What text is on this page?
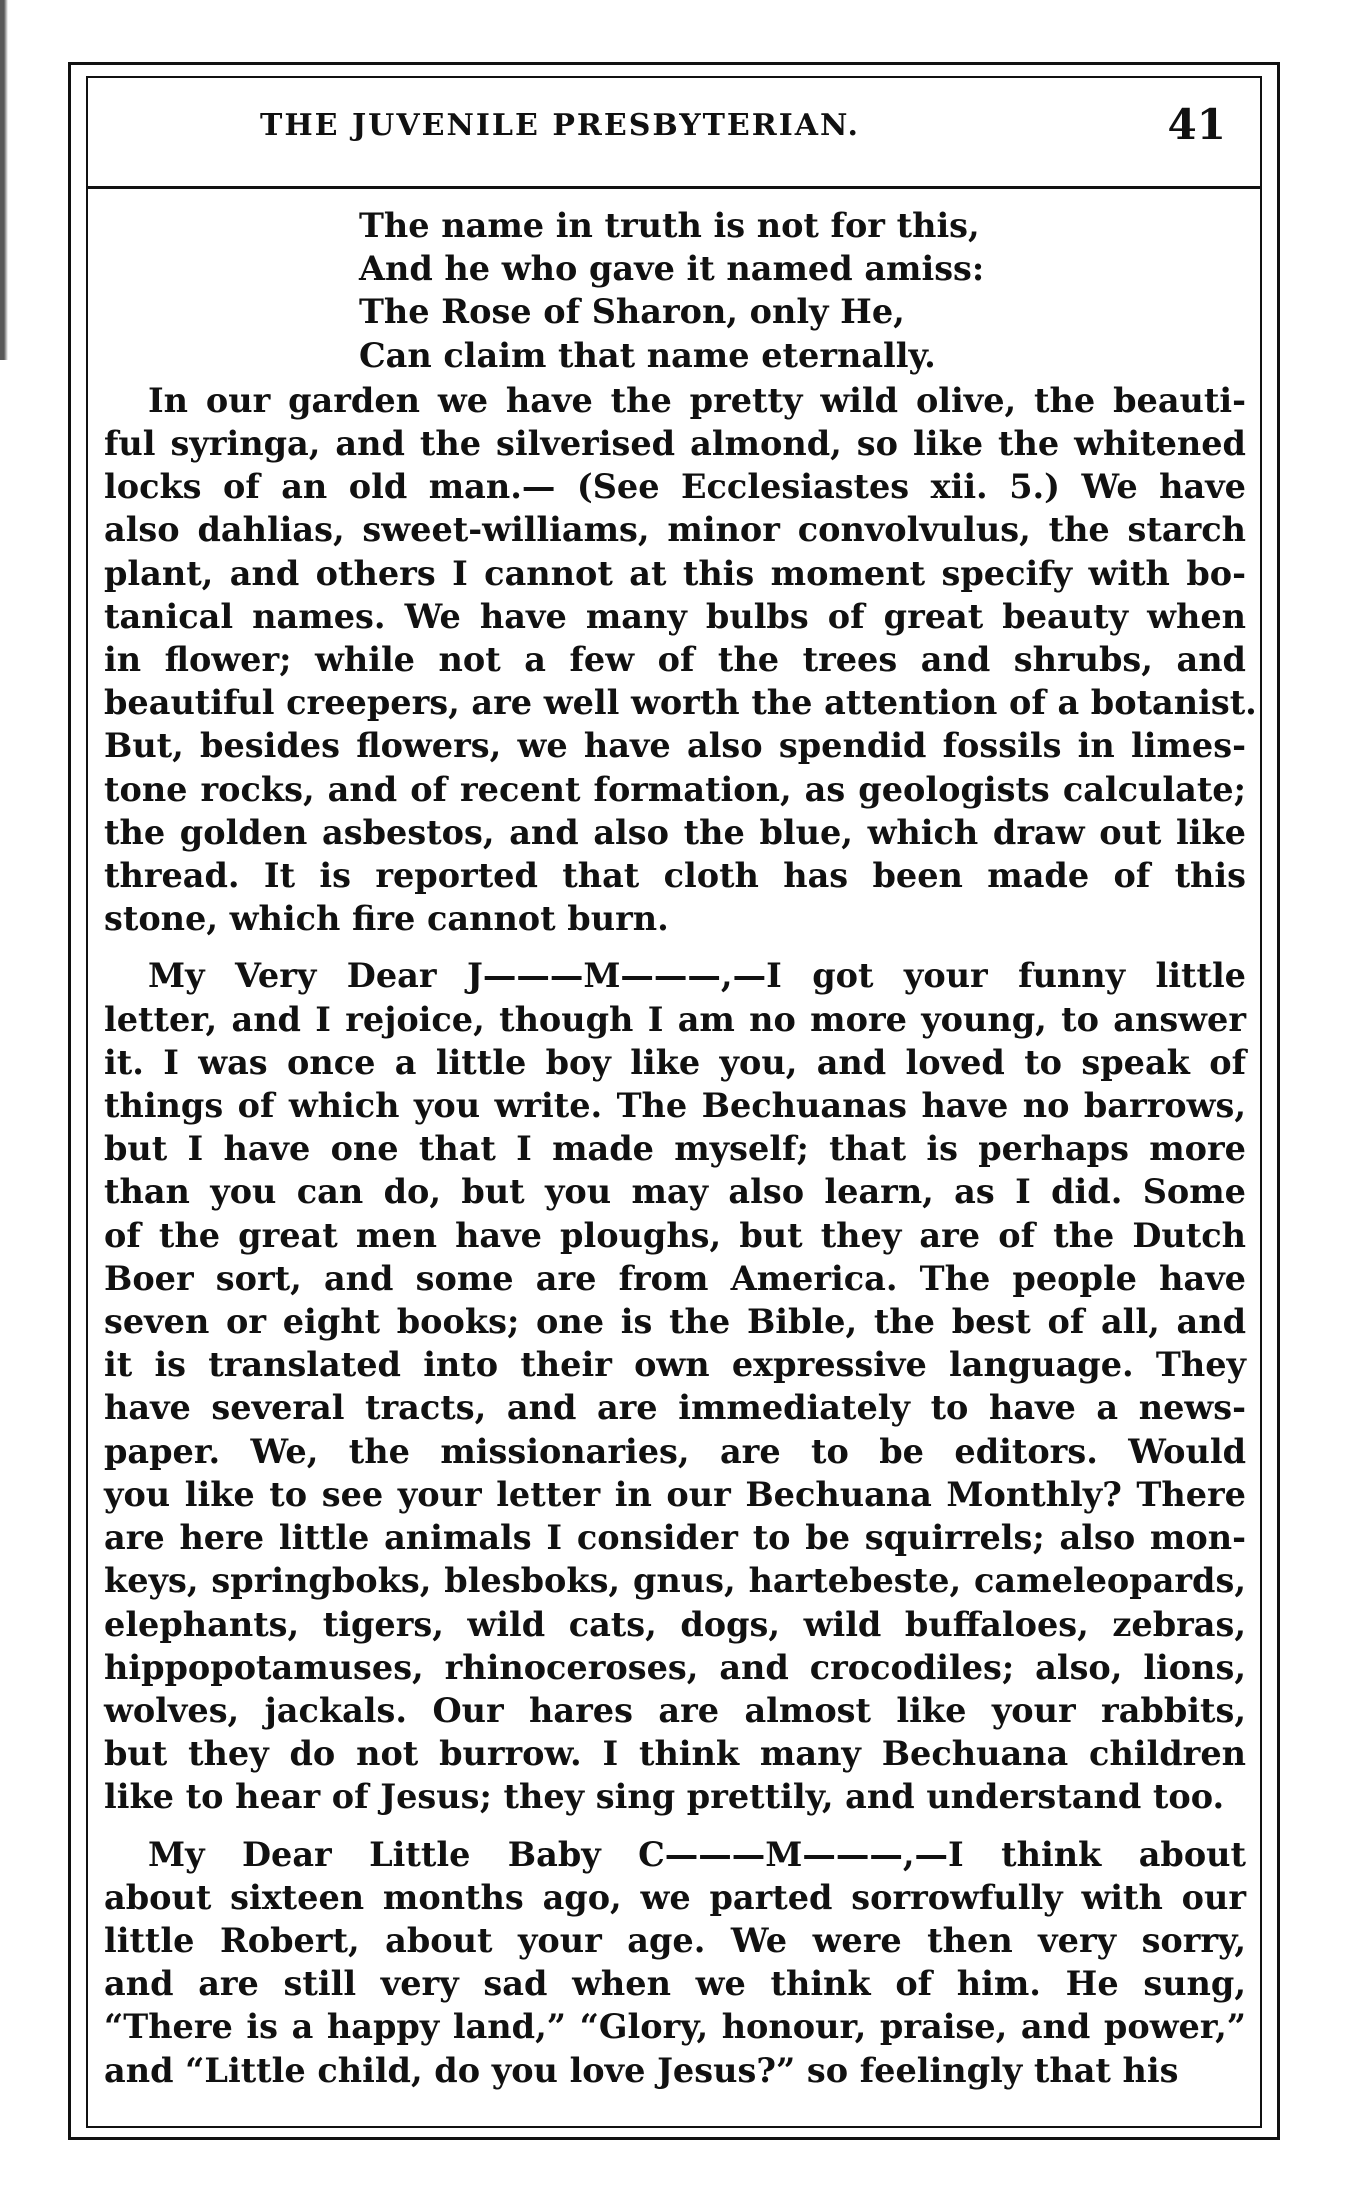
THE JUVENILE PRESBYTERIAN.	41
The name in truth is not for this,
And he who gave it named amiss:
The Rose of Sharon, only He,
Can claim that name eternally.
In our garden we have the pretty wild olive, the beauti-
ful syringa, and the silverised almond, so like the whitened
locks of an old man.— (See Ecclesiastes xii. 5.) We have
also dahlias, sweet-williams, minor convolvulus, the starch
plant, and others I cannot at this moment specify with bo-
tanical names. We have many bulbs of great beauty when
in flower; while not a few of the trees and shrubs, and
beautiful creepers, are well worth the attention of a botanist.
But, besides flowers, we have also spendid fossils in limes-
tone rocks, and of recent formation, as geologists calculate;
the golden asbestos, and also the blue, which draw out like
thread. It is reported that cloth has been made of this
stone, which fire cannot burn.
My Very Dear J———M———,—I got your funny little
letter, and I rejoice, though I am no more young, to answer
it. I was once a little boy like you, and loved to speak of
things of which you write. The Bechuanas have no barrows,
but I have one that I made myself; that is perhaps more
than you can do, but you may also learn, as I did. Some
of the great men have ploughs, but they are of the Dutch
Boer sort, and some are from America. The people have
seven or eight books; one is the Bible, the best of all, and
it is translated into their own expressive language. They
have several tracts, and are immediately to have a news-
paper. We, the missionaries, are to be editors. Would
you like to see your letter in our Bechuana Monthly? There
are here little animals I consider to be squirrels; also mon-
keys, springboks, blesboks, gnus, hartebeste, cameleopards,
elephants, tigers, wild cats, dogs, wild buffaloes, zebras,
hippopotamuses, rhinoceroses, and crocodiles; also, lions,
wolves, jackals. Our hares are almost like your rabbits,
but they do not burrow. I think many Bechuana children
like to hear of Jesus; they sing prettily, and understand too.
My Dear Little Baby C———M———,—I think about
about sixteen months ago, we parted sorrowfully with our
little Robert, about your age. We were then very sorry,
and are still very sad when we think of him. He sung,
“There is a happy land,” “Glory, honour, praise, and power,”
and “Little child, do you love Jesus?” so feelingly that his
